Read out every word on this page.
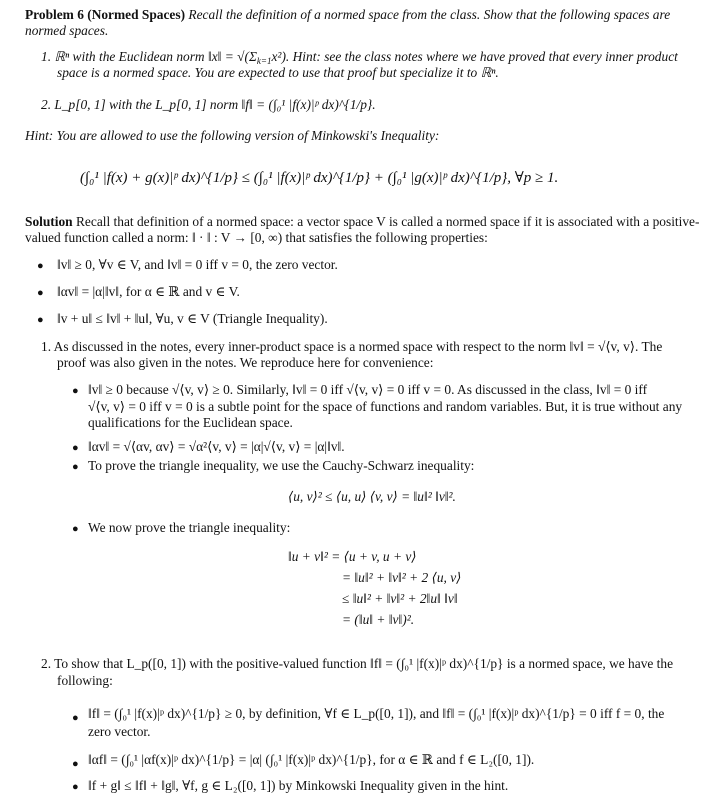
Problem 6 (Normed Spaces) Recall the definition of a normed space from the class. Show that the following spaces are
normed spaces.
1. ℝⁿ with the Euclidean norm ‖x‖ = $√(\Sigma_{k=1}x^2)$. Hint: see the class notes where we have proved that every inner product
space is a normed space. You are expected to use that proof but specialize it to ℝⁿ.
2. L_p[0, 1] with the L_p[0, 1] norm ‖f‖ = (∫₀¹ |f(x)|ᵖ dx)^{1/p}.
Hint: You are allowed to use the following version of Minkowski's Inequality:
(∫₀¹ |f(x) + g(x)|ᵖ dx)^{1/p} ≤ (∫₀¹ |f(x)|ᵖ dx)^{1/p} + (∫₀¹ |g(x)|ᵖ dx)^{1/p}, ∀p ≥ 1.
Solution Recall that definition of a normed space: a vector space V is called a normed space if it is associated with a positive-
valued function called a norm: ‖ · ‖ : V → [0, ∞) that satisfies the following properties:
● ‖v‖ ≥ 0, ∀v ∈ V, and ‖v‖ = 0 iff v = 0, the zero vector.
● ‖αv‖ = |α|‖v‖, for α ∈ ℝ and v ∈ V.
● ‖v + u‖ ≤ ‖v‖ + ‖u‖, ∀u, v ∈ V (Triangle Inequality).
1. As discussed in the notes, every inner-product space is a normed space with respect to the norm ‖v‖ = √⟨v, v⟩. The
proof was also given in the notes. We reproduce here for convenience:
● ‖v‖ ≥ 0 because √⟨v, v⟩ ≥ 0. Similarly, ‖v‖ = 0 iff √⟨v, v⟩ = 0 iff v = 0. As discussed in the class, ‖v‖ = 0 iff
√⟨v, v⟩ = 0 iff v = 0 is a subtle point for the space of functions and random variables. But, it is true without any
qualifications for the Euclidean space.
● ‖αv‖ = √⟨αv, αv⟩ = √α²⟨v, v⟩ = |α|√⟨v, v⟩ = |α|‖v‖.
● To prove the triangle inequality, we use the Cauchy-Schwarz inequality:
⟨u, v⟩² ≤ ⟨u, u⟩ ⟨v, v⟩ = ‖u‖² ‖v‖².
● We now prove the triangle inequality:
‖u + v‖² = ⟨u + v, u + v⟩
= ‖u‖² + ‖v‖² + 2 ⟨u, v⟩
≤ ‖u‖² + ‖v‖² + 2‖u‖ ‖v‖
= (‖u‖ + ‖v‖)².
2. To show that L_p([0, 1]) with the positive-valued function ‖f‖ = (∫₀¹ |f(x)|ᵖ dx)^{1/p} is a normed space, we have the
following:
● ‖f‖ = (∫₀¹ |f(x)|ᵖ dx)^{1/p} ≥ 0, by definition, ∀f ∈ L_p([0, 1]), and ‖f‖ = (∫₀¹ |f(x)|ᵖ dx)^{1/p} = 0 iff f = 0, the
zero vector.
● ‖αf‖ = (∫₀¹ |αf(x)|ᵖ dx)^{1/p} = |α| (∫₀¹ |f(x)|ᵖ dx)^{1/p}, for α ∈ ℝ and f ∈ L₂([0, 1]).
● ‖f + g‖ ≤ ‖f‖ + ‖g‖, ∀f, g ∈ L₂([0, 1]) by Minkowski Inequality given in the hint.
